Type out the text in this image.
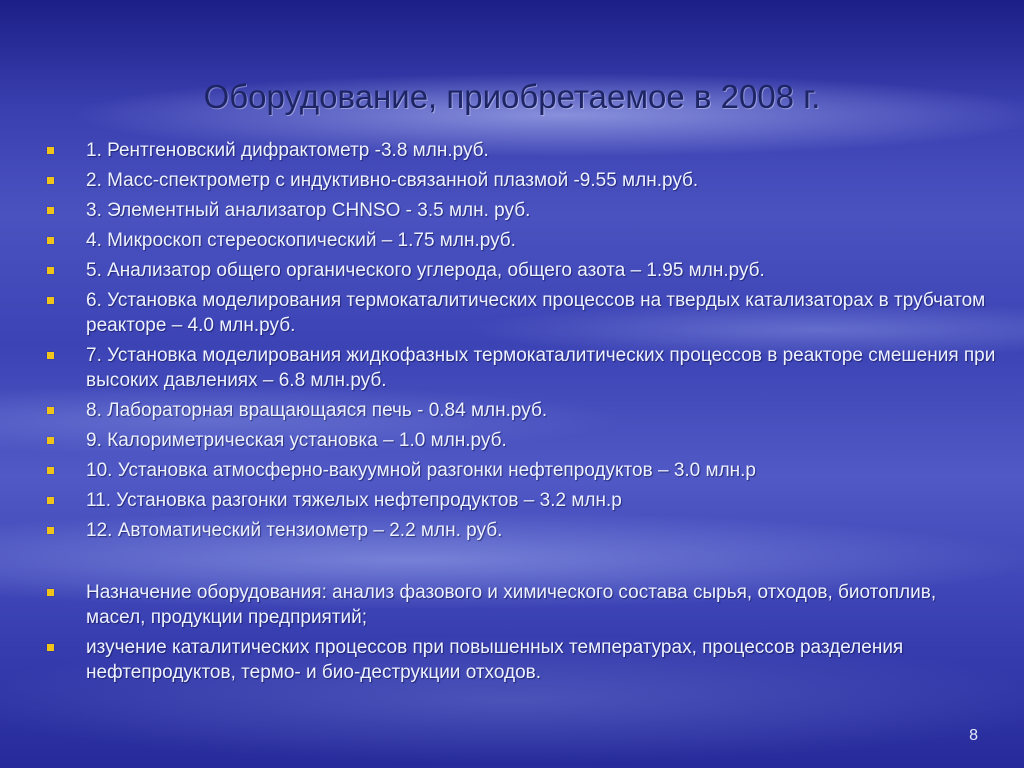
Оборудование, приобретаемое в 2008 г.
1. Рентгеновский дифрактометр -3.8 млн.руб.
2. Масс-спектрометр с индуктивно-связанной плазмой -9.55 млн.руб.
3. Элементный анализатор CHNSO - 3.5 млн. руб.
4. Микроскоп стереоскопический – 1.75 млн.руб.
5. Анализатор общего органического углерода, общего азота – 1.95 млн.руб.
6. Установка моделирования термокаталитических процессов на твердых катализаторах в трубчатом реакторе – 4.0 млн.руб.
7. Установка моделирования жидкофазных термокаталитических процессов в реакторе смешения при высоких давлениях – 6.8 млн.руб.
8. Лабораторная вращающаяся печь - 0.84 млн.руб.
9. Калориметрическая установка – 1.0 млн.руб.
10. Установка атмосферно-вакуумной разгонки нефтепродуктов – 3.0 млн.р
11. Установка разгонки тяжелых нефтепродуктов – 3.2 млн.р
12. Автоматический тензиометр – 2.2 млн. руб.
Назначение оборудования: анализ фазового и химического состава сырья, отходов, биотоплив, масел, продукции предприятий;
изучение каталитических процессов при повышенных температурах, процессов разделения нефтепродуктов, термо- и био-деструкции отходов.
8
